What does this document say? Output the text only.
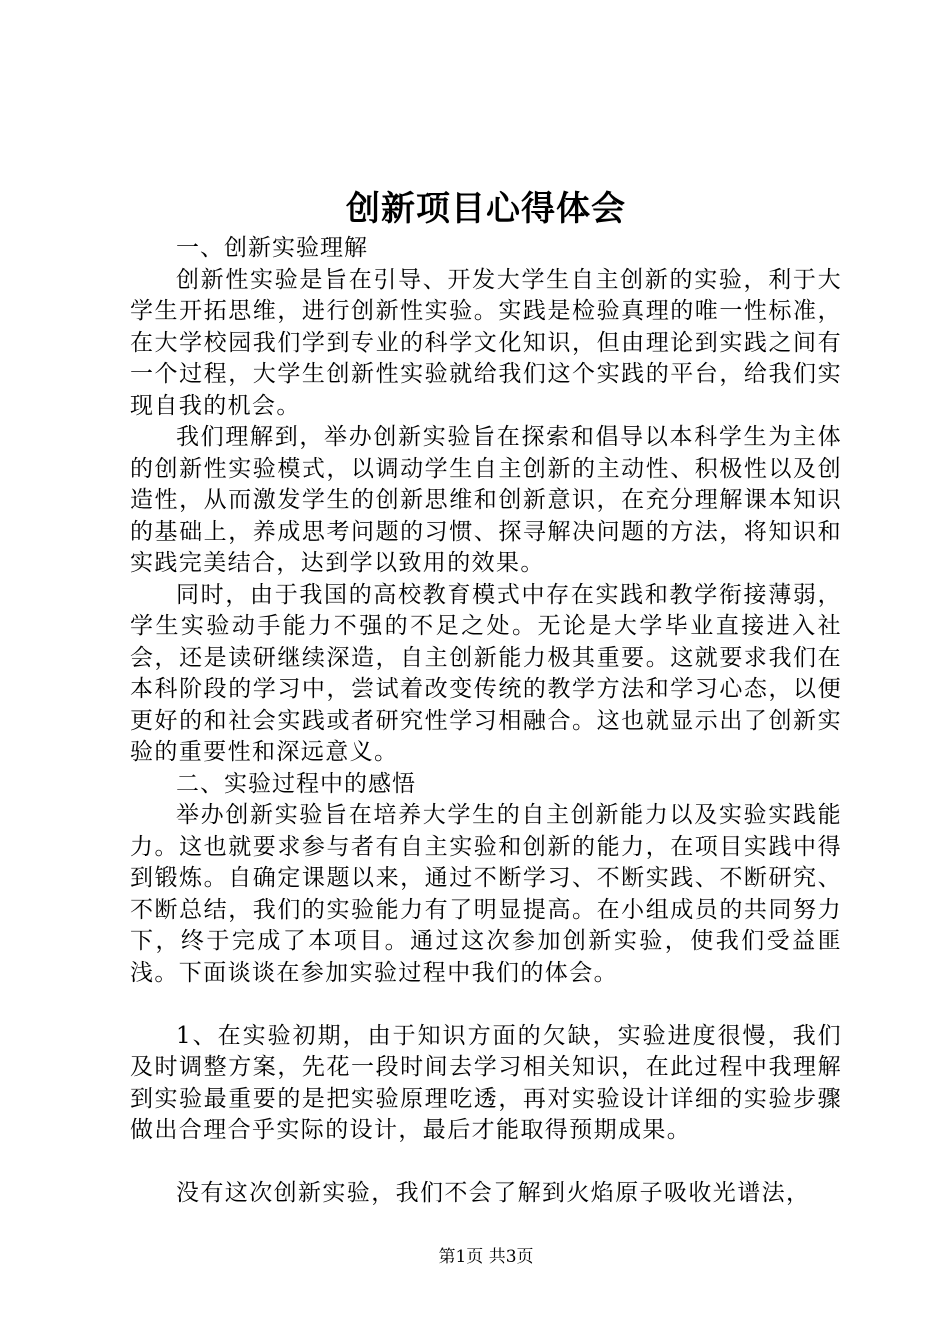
创新项目心得体会

一、创新实验理解

创新性实验是旨在引导、开发大学生自主创新的实验，利于大学生开拓思维，进行创新性实验。实践是检验真理的唯一性标准，在大学校园我们学到专业的科学文化知识，但由理论到实践之间有一个过程，大学生创新性实验就给我们这个实践的平台，给我们实现自我的机会。

我们理解到，举办创新实验旨在探索和倡导以本科学生为主体的创新性实验模式，以调动学生自主创新的主动性、积极性以及创造性，从而激发学生的创新思维和创新意识，在充分理解课本知识的基础上，养成思考问题的习惯、探寻解决问题的方法，将知识和实践完美结合，达到学以致用的效果。

同时，由于我国的高校教育模式中存在实践和教学衔接薄弱，学生实验动手能力不强的不足之处。无论是大学毕业直接进入社会，还是读研继续深造，自主创新能力极其重要。这就要求我们在本科阶段的学习中，尝试着改变传统的教学方法和学习心态，以便更好的和社会实践或者研究性学习相融合。这也就显示出了创新实验的重要性和深远意义。

二、实验过程中的感悟

举办创新实验旨在培养大学生的自主创新能力以及实验实践能力。这也就要求参与者有自主实验和创新的能力，在项目实践中得到锻炼。自确定课题以来，通过不断学习、不断实践、不断研究、不断总结，我们的实验能力有了明显提高。在小组成员的共同努力下，终于完成了本项目。通过这次参加创新实验，使我们受益匪浅。下面谈谈在参加实验过程中我们的体会。

1、在实验初期，由于知识方面的欠缺，实验进度很慢，我们及时调整方案，先花一段时间去学习相关知识，在此过程中我理解到实验最重要的是把实验原理吃透，再对实验设计详细的实验步骤做出合理合乎实际的设计，最后才能取得预期成果。

没有这次创新实验，我们不会了解到火焰原子吸收光谱法，

第1页 共3页
